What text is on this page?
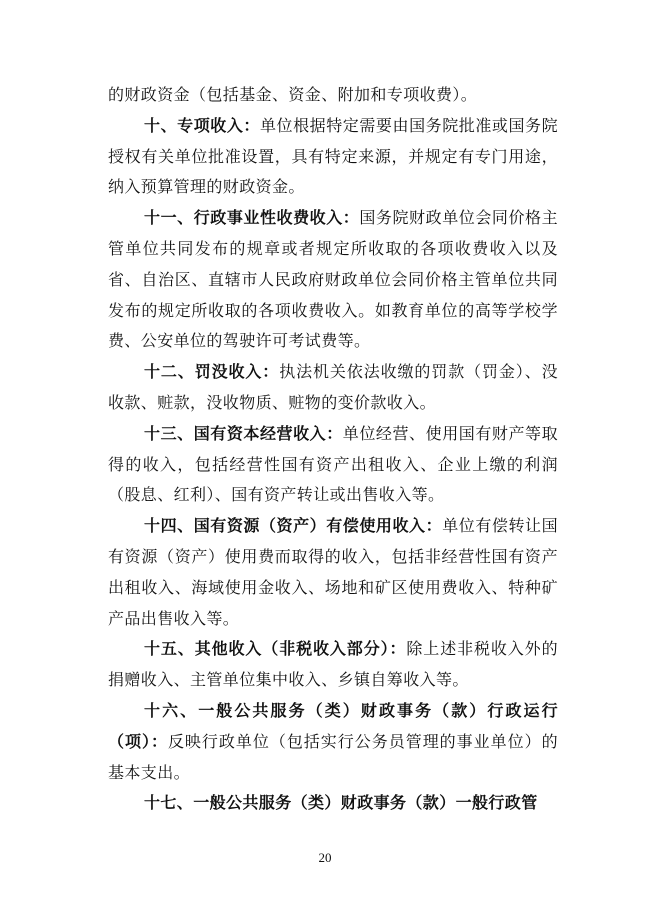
的财政资金（包括基金、资金、附加和专项收费）。

十、专项收入：单位根据特定需要由国务院批准或国务院授权有关单位批准设置，具有特定来源，并规定有专门用途，纳入预算管理的财政资金。

十一、行政事业性收费收入：国务院财政单位会同价格主管单位共同发布的规章或者规定所收取的各项收费收入以及省、自治区、直辖市人民政府财政单位会同价格主管单位共同发布的规定所收取的各项收费收入。如教育单位的高等学校学费、公安单位的驾驶许可考试费等。

十二、罚没收入：执法机关依法收缴的罚款（罚金）、没收款、赃款，没收物质、赃物的变价款收入。

十三、国有资本经营收入：单位经营、使用国有财产等取得的收入，包括经营性国有资产出租收入、企业上缴的利润（股息、红利）、国有资产转让或出售收入等。

十四、国有资源（资产）有偿使用收入：单位有偿转让国有资源（资产）使用费而取得的收入，包括非经营性国有资产出租收入、海域使用金收入、场地和矿区使用费收入、特种矿产品出售收入等。

十五、其他收入（非税收入部分）：除上述非税收入外的捐赠收入、主管单位集中收入、乡镇自筹收入等。

十六、一般公共服务（类）财政事务（款）行政运行（项）：反映行政单位（包括实行公务员管理的事业单位）的基本支出。

十七、一般公共服务（类）财政事务（款）一般行政管

20
